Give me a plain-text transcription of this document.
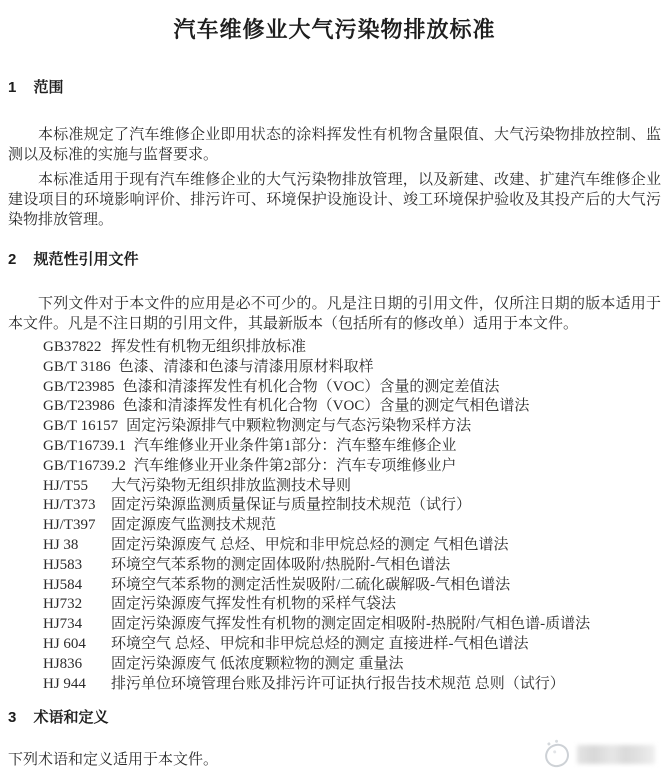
汽车维修业大气污染物排放标准
1 范围

本标准规定了汽车维修企业即用状态的涂料挥发性有机物含量限值、大气污染物排放控制、监测以及标准的实施与监督要求。

本标准适用于现有汽车维修企业的大气污染物排放管理，以及新建、改建、扩建汽车维修企业建设项目的环境影响评价、排污许可、环境保护设施设计、竣工环境保护验收及其投产后的大气污染物排放管理。

2 规范性引用文件

下列文件对于本文件的应用是必不可少的。凡是注日期的引用文件，仅所注日期的版本适用于本文件。凡是不注日期的引用文件，其最新版本（包括所有的修改单）适用于本文件。

GB37822 挥发性有机物无组织排放标准
GB/T 3186 色漆、清漆和色漆与清漆用原材料取样
GB/T23985 色漆和清漆挥发性有机化合物（VOC）含量的测定差值法
GB/T23986 色漆和清漆挥发性有机化合物（VOC）含量的测定气相色谱法
GB/T 16157 固定污染源排气中颗粒物测定与气态污染物采样方法
GB/T16739.1 汽车维修业开业条件第1部分：汽车整车维修企业
GB/T16739.2 汽车维修业开业条件第2部分：汽车专项维修业户
HJ/T55 大气污染物无组织排放监测技术导则
HJ/T373 固定污染源监测质量保证与质量控制技术规范（试行）
HJ/T397 固定源废气监测技术规范
HJ 38 固定污染源废气 总烃、甲烷和非甲烷总烃的测定 气相色谱法
HJ583 环境空气苯系物的测定固体吸附/热脱附-气相色谱法
HJ584 环境空气苯系物的测定活性炭吸附/二硫化碳解吸-气相色谱法
HJ732 固定污染源废气挥发性有机物的采样气袋法
HJ734 固定污染源废气挥发性有机物的测定固定相吸附-热脱附/气相色谱-质谱法
HJ 604 环境空气 总烃、甲烷和非甲烷总烃的测定 直接进样-气相色谱法
HJ836 固定污染源废气 低浓度颗粒物的测定 重量法
HJ 944 排污单位环境管理台账及排污许可证执行报告技术规范 总则（试行）
3 术语和定义

下列术语和定义适用于本文件。
